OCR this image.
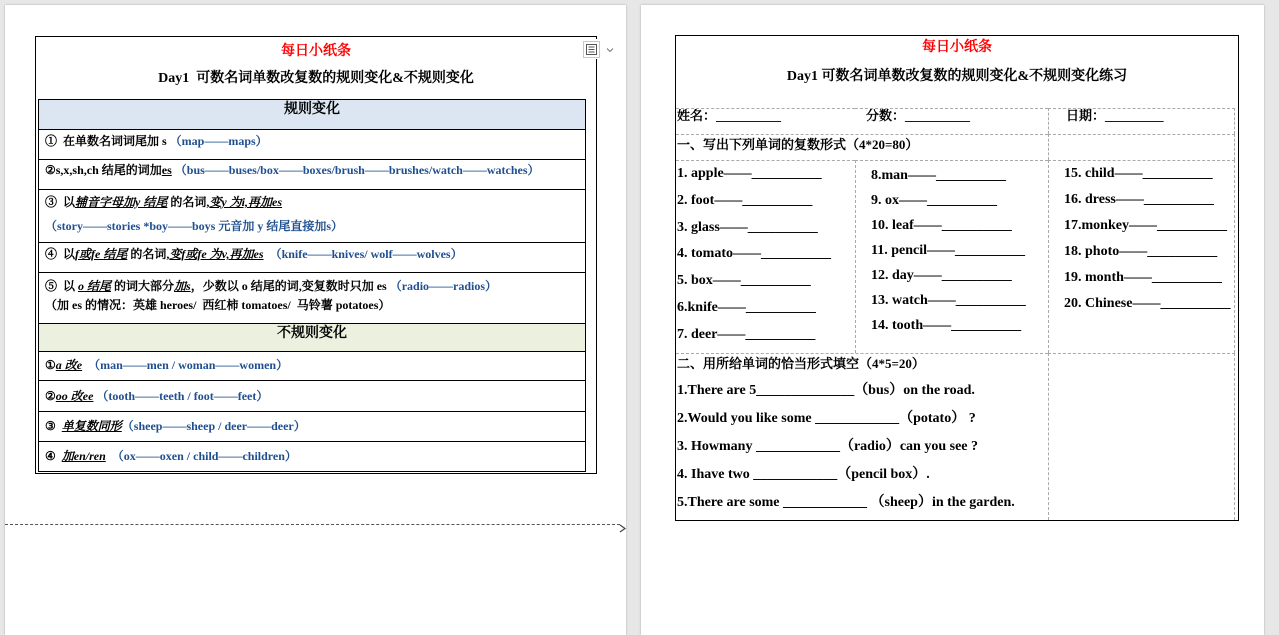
每日小纸条
Day1  可数名词单数改复数的规则变化&不规则变化
规则变化
①  在单数名词词尾加 s （map——maps）
②s,x,sh,ch 结尾的词加es （bus——buses/box——boxes/brush——brushes/watch——watches）
③  以辅音字母加y 结尾 的名词,变y 为i,再加es
（story——stories *boy——boys 元音加 y 结尾直接加s）
④  以f或fe 结尾 的名词,变f或fe 为v,再加es  （knife——knives/ wolf——wolves）
⑤  以 o 结尾 的词大部分加s，少数以 o 结尾的词,变复数时只加 es （radio——radios）
（加 es 的情况：英雄 heroes/  西红柿 tomatoes/  马铃薯 potatoes）
不规则变化
①a 改e  （man——men / woman——women）
②oo 改ee （tooth——teeth / foot——feet）
③  单复数同形（sheep——sheep / deer——deer）
④  加en/ren  （ox——oxen / child——children）
每日小纸条
Day1 可数名词单数改复数的规则变化&不规则变化练习
姓名：__________	分数：__________	日期：_________
一、写出下列单词的复数形式（4*20=80）
1. apple——__________
2. foot——__________
3. glass——__________
4. tomato——__________
5. box——__________
6.knife——__________
7. deer——__________
8.man——__________
9. ox——__________
10. leaf——__________
11. pencil——__________
12. day——__________
13. watch——__________
14. tooth——__________
15. child——__________
16. dress——__________
17.monkey——__________
18. photo——__________
19. month——__________
20. Chinese——__________
二、用所给单词的恰当形式填空（4*5=20）
1.There are 5______________（bus）on the road.
2.Would you like some ____________（potato） ?
3. Howmany ____________（radio）can you see ?
4. Ihave two ____________（pencil box）.
5.There are some ____________ （sheep）in the garden.
